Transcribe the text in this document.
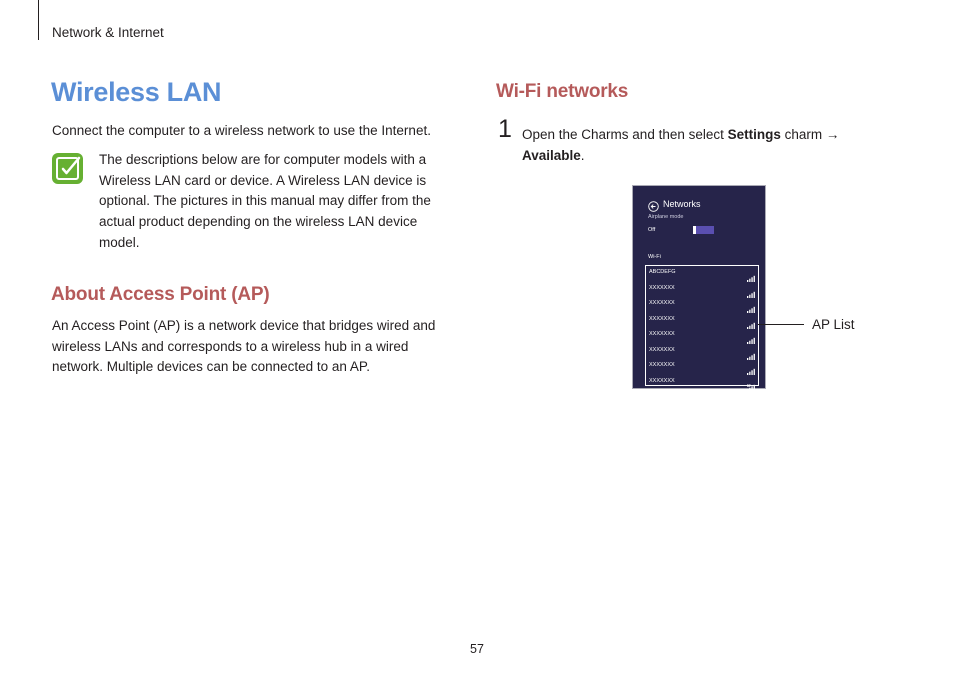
Network & Internet
Wireless LAN
Connect the computer to a wireless network to use the Internet.
The descriptions below are for computer models with a Wireless LAN card or device. A Wireless LAN device is optional. The pictures in this manual may differ from the actual product depending on the wireless LAN device model.
About Access Point (AP)
An Access Point (AP) is a network device that bridges wired and wireless LANs and corresponds to a wireless hub in a wired network. Multiple devices can be connected to an AP.
Wi-Fi networks
1 Open the Charms and then select Settings charm →
Available.
Networks
Airplane mode
Off
Wi-Fi
ABCDEFG
XXXXXXX
XXXXXXX
XXXXXXX
XXXXXXX
XXXXXXX
XXXXXXX
XXXXXXX
AP List
57
